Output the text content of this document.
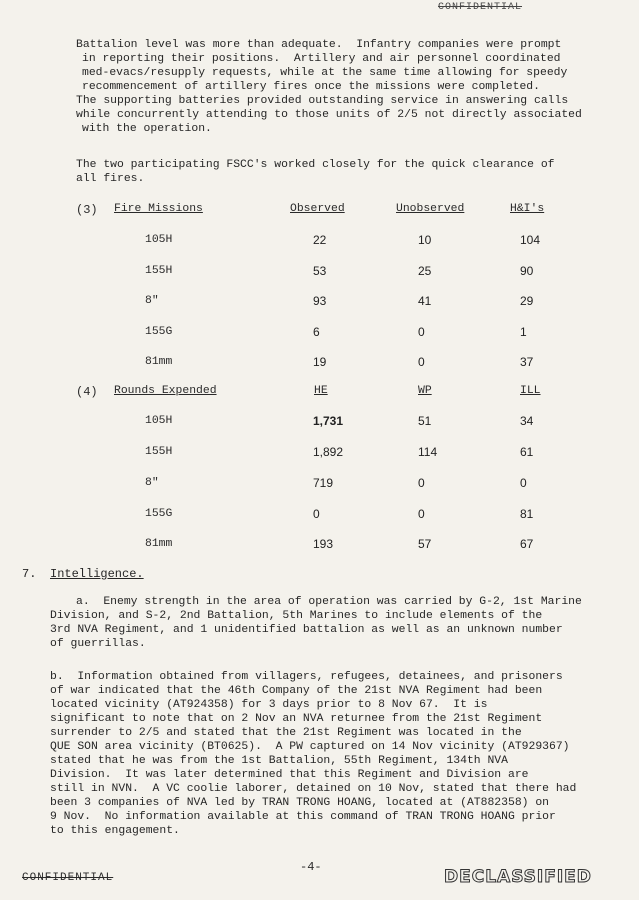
CONFIDENTIAL
Battalion level was more than adequate.  Infantry companies were prompt
in reporting their positions.  Artillery and air personnel coordinated
med-evacs/resupply requests, while at the same time allowing for speedy
recommencement of artillery fires once the missions were completed.
The supporting batteries provided outstanding service in answering calls
while concurrently attending to those units of 2/5 not directly associated
with the operation.
The two participating FSCC's worked closely for the quick clearance of
all fires.
(3) Fire Missions	Observed	Unobserved	H&I's
105H	22	10	104
155H	53	25	90
8"	93	41	29
155G	6	0	1
81mm	19	0	37
(4) Rounds Expended	HE	WP	ILL
105H	1,731	51	34
155H	1,892	114	61
8"	719	0	0
155G	0	0	81
81mm	193	57	67
7. Intelligence.
a.  Enemy strength in the area of operation was carried by G-2, 1st Marine
Division, and S-2, 2nd Battalion, 5th Marines to include elements of the
3rd NVA Regiment, and 1 unidentified battalion as well as an unknown number
of guerrillas.
b.  Information obtained from villagers, refugees, detainees, and prisoners
of war indicated that the 46th Company of the 21st NVA Regiment had been
located vicinity (AT924358) for 3 days prior to 8 Nov 67.  It is
significant to note that on 2 Nov an NVA returnee from the 21st Regiment
surrender to 2/5 and stated that the 21st Regiment was located in the
QUE SON area vicinity (BT0625).  A PW captured on 14 Nov vicinity (AT929367)
stated that he was from the 1st Battalion, 55th Regiment, 134th NVA
Division.  It was later determined that this Regiment and Division are
still in NVN.  A VC coolie laborer, detained on 10 Nov, stated that there had
been 3 companies of NVA led by TRAN TRONG HOANG, located at (AT882358) on
9 Nov.  No information available at this command of TRAN TRONG HOANG prior
to this engagement.
CONFIDENTIAL
-4-	DECLASSIFIED
